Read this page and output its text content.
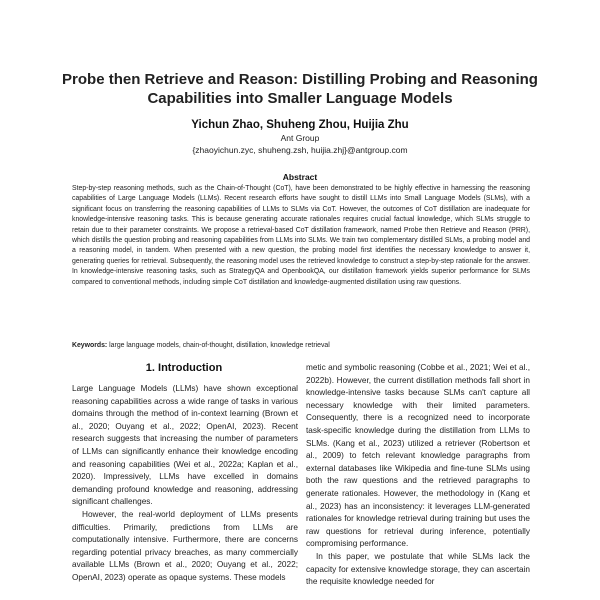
Probe then Retrieve and Reason: Distilling Probing and Reasoning
Capabilities into Smaller Language Models
Yichun Zhao, Shuheng Zhou, Huijia Zhu
Ant Group
{zhaoyichun.zyc, shuheng.zsh, huijia.zhj}@antgroup.com
Abstract
Step-by-step reasoning methods, such as the Chain-of-Thought (CoT), have been demonstrated to be highly effective in harnessing the reasoning capabilities of Large Language Models (LLMs). Recent research efforts have sought to distill LLMs into Small Language Models (SLMs), with a significant focus on transferring the reasoning capabilities of LLMs to SLMs via CoT. However, the outcomes of CoT distillation are inadequate for knowledge-intensive reasoning tasks. This is because generating accurate rationales requires crucial factual knowledge, which SLMs struggle to retain due to their parameter constraints. We propose a retrieval-based CoT distillation framework, named Probe then Retrieve and Reason (PRR), which distills the question probing and reasoning capabilities from LLMs into SLMs. We train two complementary distilled SLMs, a probing model and a reasoning model, in tandem. When presented with a new question, the probing model first identifies the necessary knowledge to answer it, generating queries for retrieval. Subsequently, the reasoning model uses the retrieved knowledge to construct a step-by-step rationale for the answer. In knowledge-intensive reasoning tasks, such as StrategyQA and OpenbookQA, our distillation framework yields superior performance for SLMs compared to conventional methods, including simple CoT distillation and knowledge-augmented distillation using raw questions.
Keywords: large language models, chain-of-thought, distillation, knowledge retrieval
1. Introduction

Large Language Models (LLMs) have shown exceptional reasoning capabilities across a wide range of tasks in various domains through the method of in-context learning (Brown et al., 2020; Ouyang et al., 2022; OpenAI, 2023). Recent research suggests that increasing the number of parameters of LLMs can significantly enhance their knowledge encoding and reasoning capabilities (Wei et al., 2022a; Kaplan et al., 2020). Impressively, LLMs have excelled in domains demanding profound knowledge and reasoning, addressing significant challenges.

However, the real-world deployment of LLMs presents difficulties. Primarily, predictions from LLMs are computationally intensive. Furthermore, there are concerns regarding potential privacy breaches, as many commercially available LLMs (Brown et al., 2020; Ouyang et al., 2022; OpenAI, 2023) operate as opaque systems. These models

metic and symbolic reasoning (Cobbe et al., 2021; Wei et al., 2022b). However, the current distillation methods fall short in knowledge-intensive tasks because SLMs can't capture all necessary knowledge with their limited parameters. Consequently, there is a recognized need to incorporate task-specific knowledge during the distillation from LLMs to SLMs. (Kang et al., 2023) utilized a retriever (Robertson et al., 2009) to fetch relevant knowledge paragraphs from external databases like Wikipedia and fine-tune SLMs using both the raw questions and the retrieved paragraphs to generate rationales. However, the methodology in (Kang et al., 2023) has an inconsistency: it leverages LLM-generated rationales for knowledge retrieval during training but uses the raw questions for retrieval during inference, potentially compromising performance.

In this paper, we postulate that while SLMs lack the capacity for extensive knowledge storage, they can ascertain the requisite knowledge needed for
